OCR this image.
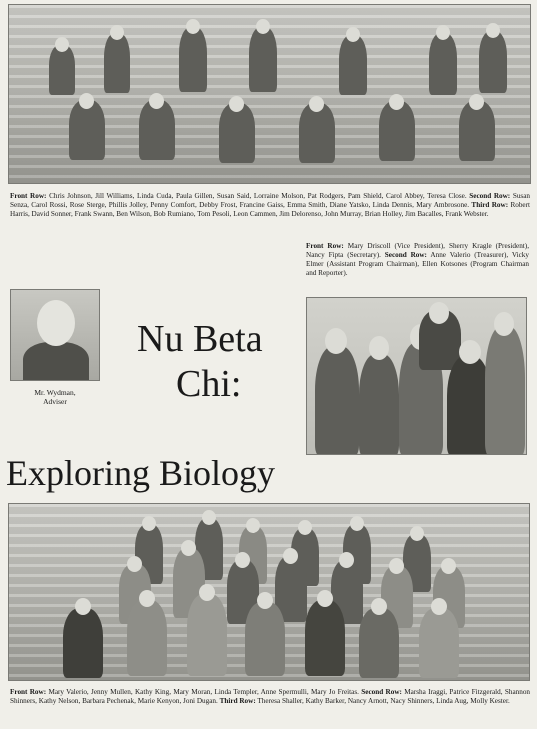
Front Row: Chris Johnson, Jill Williams, Linda Cuda, Paula Gillen, Susan Said, Lorraine Molson, Pat Rodgers, Pam Shield, Carol Abbey, Teresa Close. Second Row: Susan Senza, Carol Rossi, Rose Sterge, Phillis Jolley, Penny Comfort, Debby Frost, Francine Gaiss, Emma Smith, Diane Yatsko, Linda Dennis, Mary Ambrosone. Third Row: Robert Harris, David Sonner, Frank Swann, Ben Wilson, Bob Rumiano, Tom Pesoli, Leon Cammen, Jim Delorenso, John Murray, Brian Holley, Jim Bacalles, Frank Webster.

Front Row: Mary Driscoll (Vice President), Sherry Kragle (President), Nancy Fipta (Secretary). Second Row: Anne Valerio (Treasurer), Vicky Elmer (Assistant Program Chairman), Ellen Kotsones (Program Chairman and Reporter).

Mr. Wydman,
Adviser
Nu Beta
Chi:
Exploring Biology

Front Row: Mary Valerio, Jenny Mullen, Kathy King, Mary Moran, Linda Templer, Anne Spermulli, Mary Jo Freitas. Second Row: Marsha Iraggi, Patrice Fitzgerald, Shannon Shinners, Kathy Nelson, Barbara Pechenak, Marie Kenyon, Joni Dugan. Third Row: Theresa Shaller, Kathy Barker, Nancy Arnott, Nacy Shinners, Linda Aug, Molly Kester.
